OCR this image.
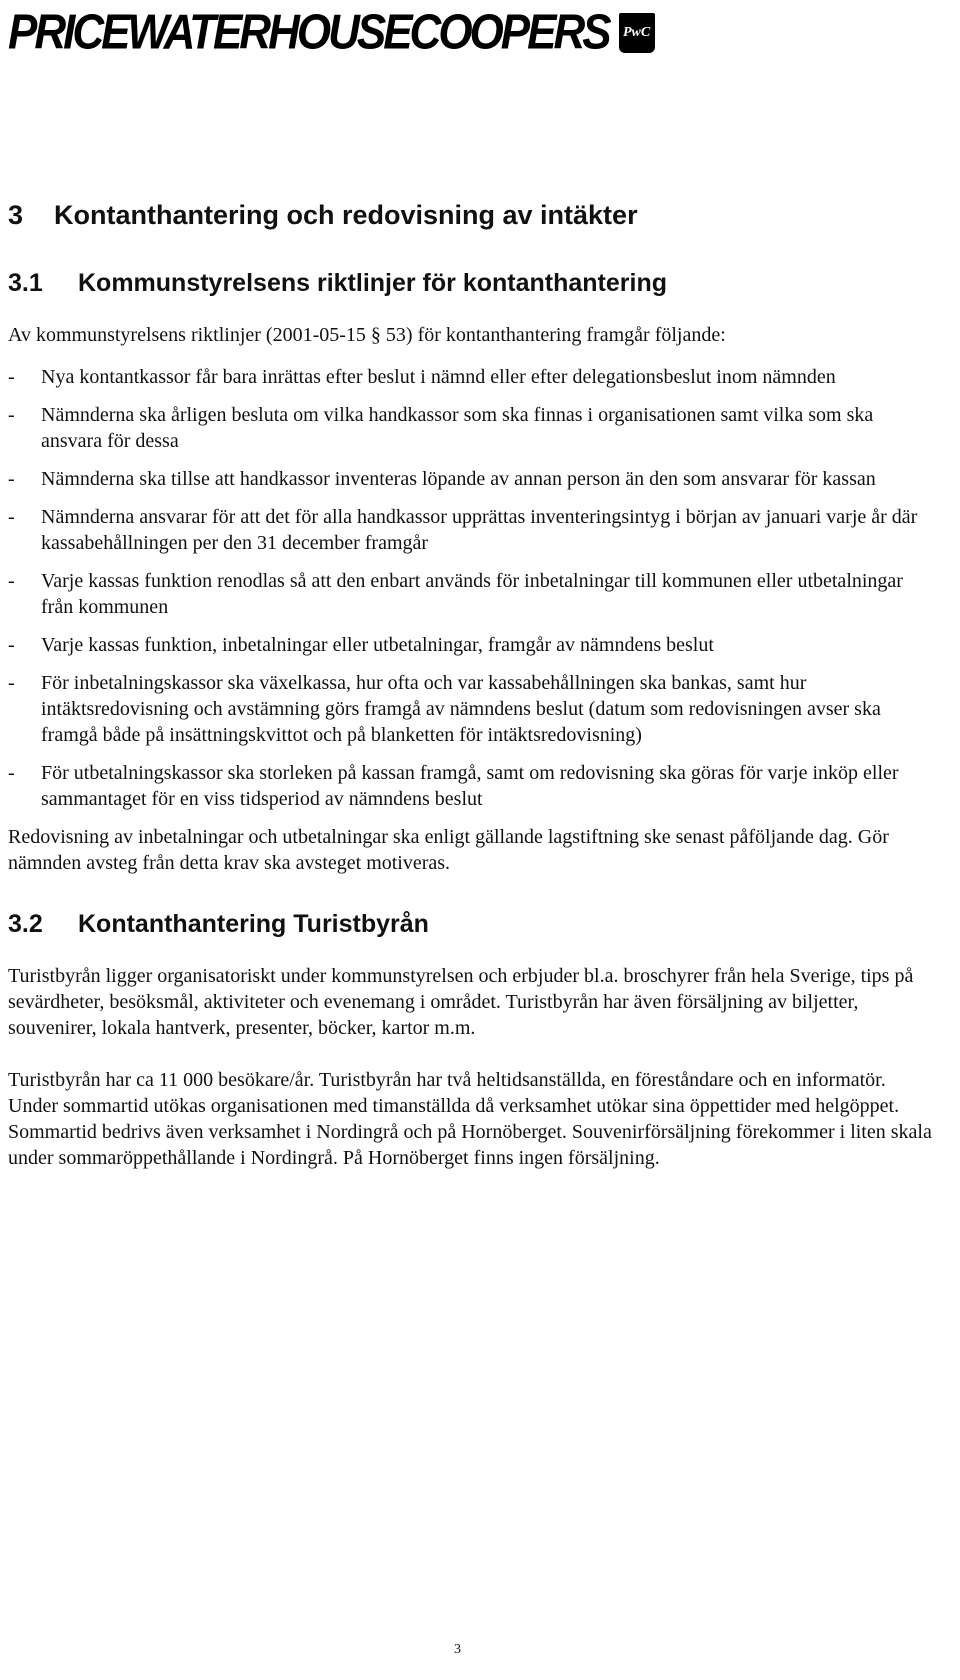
PRICEWATERHOUSECOOPERS	PwC
3	Kontanthantering och redovisning av intäkter
3.1	Kommunstyrelsens riktlinjer för kontanthantering

Av kommunstyrelsens riktlinjer (2001-05-15 § 53) för kontanthantering framgår följande:

- Nya kontantkassor får bara inrättas efter beslut i nämnd eller efter delegationsbeslut inom nämnden
- Nämnderna ska årligen besluta om vilka handkassor som ska finnas i organisationen samt vilka som ska ansvara för dessa
- Nämnderna ska tillse att handkassor inventeras löpande av annan person än den som ansvarar för kassan
- Nämnderna ansvarar för att det för alla handkassor upprättas inventeringsintyg i början av januari varje år där kassabehållningen per den 31 december framgår
- Varje kassas funktion renodlas så att den enbart används för inbetalningar till kommunen eller utbetalningar från kommunen
- Varje kassas funktion, inbetalningar eller utbetalningar, framgår av nämndens beslut
- För inbetalningskassor ska växelkassa, hur ofta och var kassabehållningen ska bankas, samt hur intäktsredovisning och avstämning görs framgå av nämndens beslut (datum som redovisningen avser ska framgå både på insättningskvittot och på blanketten för intäktsredovisning)
- För utbetalningskassor ska storleken på kassan framgå, samt om redovisning ska göras för varje inköp eller sammantaget för en viss tidsperiod av nämndens beslut

Redovisning av inbetalningar och utbetalningar ska enligt gällande lagstiftning ske senast påföljande dag. Gör nämnden avsteg från detta krav ska avsteget motiveras.

3.2	Kontanthantering Turistbyrån

Turistbyrån ligger organisatoriskt under kommunstyrelsen och erbjuder bl.a. broschyrer från hela Sverige, tips på sevärdheter, besöksmål, aktiviteter och evenemang i området. Turistbyrån har även försäljning av biljetter, souvenirer, lokala hantverk, presenter, böcker, kartor m.m.

Turistbyrån har ca 11 000 besökare/år. Turistbyrån har två heltidsanställda, en föreståndare och en informatör. Under sommartid utökas organisationen med timanställda då verksamhet utökar sina öppettider med helgöppet. Sommartid bedrivs även verksamhet i Nordingrå och på Hornöberget. Souvenirförsäljning förekommer i liten skala under sommaröppethållande i Nordingrå. På Hornöberget finns ingen försäljning.

3
